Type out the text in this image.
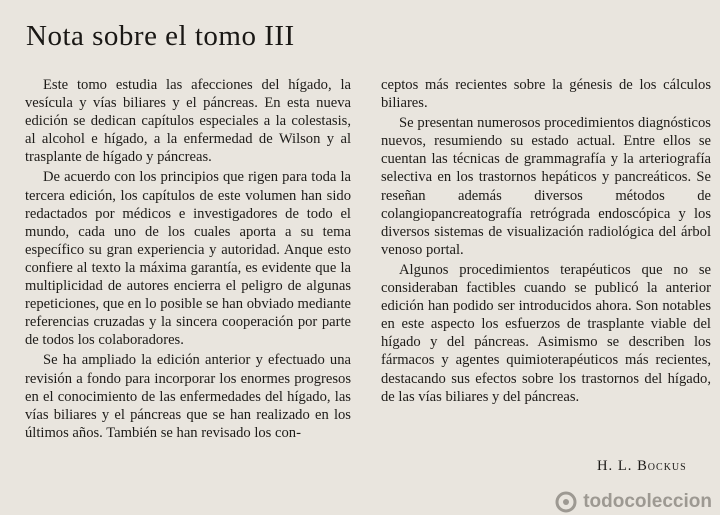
Nota sobre el tomo III

Este tomo estudia las afecciones del hígado, la vesícula y vías biliares y el páncreas. En esta nueva edición se dedican capítulos especiales a la colestasis, al alcohol e hígado, a la enfermedad de Wilson y al trasplante de hígado y páncreas.

De acuerdo con los principios que rigen para toda la tercera edición, los capítulos de este volumen han sido redactados por médicos e investigadores de todo el mundo, cada uno de los cuales aporta a su tema específico su gran experiencia y autoridad. Anque esto confiere al texto la máxima garantía, es evidente que la multiplicidad de autores encierra el peligro de algunas repeticiones, que en lo posible se han obviado mediante referencias cruzadas y la sincera cooperación por parte de todos los colaboradores.

Se ha ampliado la edición anterior y efectuado una revisión a fondo para incorporar los enormes progresos en el conocimiento de las enfermedades del hígado, las vías biliares y el páncreas que se han realizado en los últimos años. También se han revisado los con-

ceptos más recientes sobre la génesis de los cálculos biliares.

Se presentan numerosos procedimientos diagnósticos nuevos, resumiendo su estado actual. Entre ellos se cuentan las técnicas de grammagrafía y la arteriografía selectiva en los trastornos hepáticos y pancreáticos. Se reseñan además diversos métodos de colangiopancreatografía retrógrada endoscópica y los diversos sistemas de visualización radiológica del árbol venoso portal.

Algunos procedimientos terapéuticos que no se consideraban factibles cuando se publicó la anterior edición han podido ser introducidos ahora. Son notables en este aspecto los esfuerzos de trasplante viable del hígado y del páncreas. Asimismo se describen los fármacos y agentes quimioterapéuticos más recientes, destacando sus efectos sobre los trastornos del hígado, de las vías biliares y del páncreas.

H. L. Bockus

todocoleccion
